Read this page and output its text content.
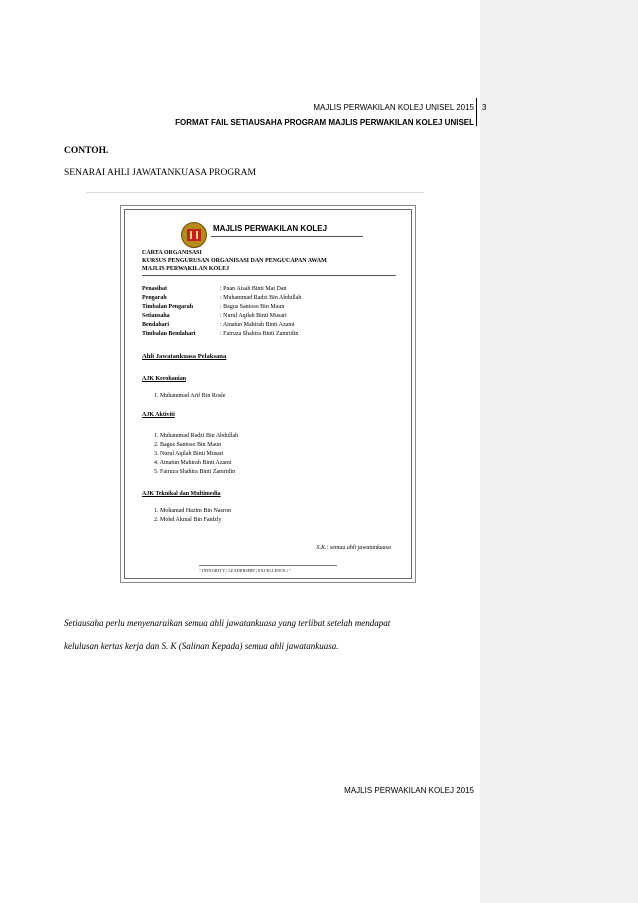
MAJLIS PERWAKILAN KOLEJ UNISEL 2015
FORMAT FAIL SETIAUSAHA PROGRAM MAJLIS PERWAKILAN KOLEJ UNISEL
3
CONTOH.
SENARAI AHLI JAWATANKUASA PROGRAM
MAJLIS PERWAKILAN KOLEJ
CARTA ORGANISASI
KURSUS PENGURUSAN ORGANISASI DAN PENGUCAPAN AWAM
MAJLIS PERWAKILAN KOLEJ
Penasihat	: Puan Aisah Binti Mat Dan
Pengarah	: Muhammad Radzi Bin Abdullah
Timbalan Pengarah	: Bagus Santoso Bin Maun
Setiausaha	: Nurul Aqilah Binti Musari
Bendahari	: Ainatun Mahirah Binti Azami
Timbalan Bendahari	: Fairuza Shahira Binti Zamridin
Ahli Jawatankuasa Pelaksana
AJK Kerohanian
1. Muhammad Arif Bin Rosle
AJK Aktiviti
1. Muhammad Radzi Bin Abdullah
2. Bagus Santoso Bin Maun
3. Nurul Aqilah Binti Musari
4. Ainatun Mahirah Binti Azami
5. Fairuza Shahira Binti Zamridin
AJK Teknikal dan Multimedia
1. Mohamad Hazim Bin Nasron
2. Mohd Akmal Bin Faidzly
S.K.: semua ahli jawatankuasa
" INTEGRITY | LEADERSHIP | EXCELLENCE | "
Setiausaha perlu menyenaraikan semua ahli jawatankuasa yang terlibat setelah mendapat
kelulusan kertas kerja dan S. K (Salinan Kepada) semua ahli jawatankuasa.
MAJLIS PERWAKILAN KOLEJ 2015
